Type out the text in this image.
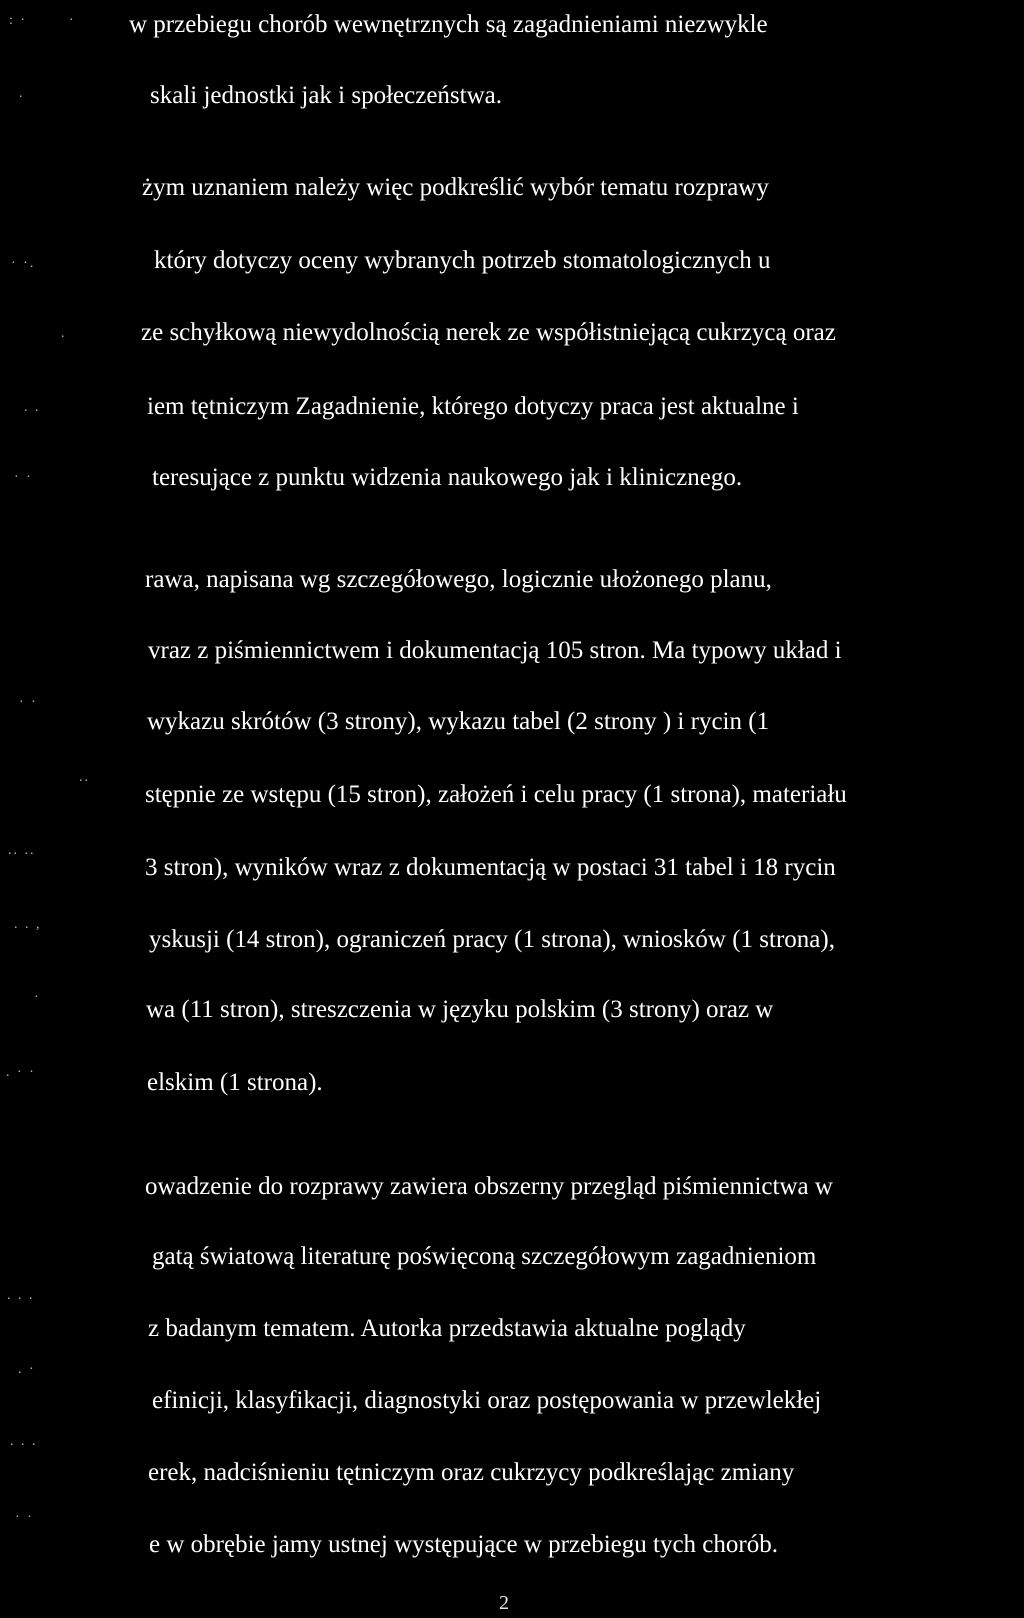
: ·	·
.
· ·.
.
. .
· ·
· ·
..
.. ..
. . ,
·
. · ·
. . .
. ·
. . .
· ·

w przebiegu chorób wewnętrznych są zagadnieniami niezwykle

skali jednostki jak i społeczeństwa.

żym uznaniem należy więc podkreślić wybór tematu rozprawy

który dotyczy oceny wybranych potrzeb stomatologicznych u

ze schyłkową niewydolnością nerek ze współistniejącą cukrzycą oraz

iem tętniczym Zagadnienie, którego dotyczy praca jest aktualne i

teresujące z punktu widzenia naukowego jak i klinicznego.

rawa, napisana wg szczegółowego, logicznie ułożonego planu,

vraz z piśmiennictwem i dokumentacją 105 stron. Ma typowy układ i

wykazu skrótów (3 strony), wykazu tabel (2 strony ) i rycin (1

stępnie ze wstępu (15 stron), założeń i celu pracy (1 strona), materiału

3 stron), wyników wraz z dokumentacją w postaci 31 tabel i 18 rycin

yskusji (14 stron), ograniczeń pracy (1 strona), wniosków (1 strona),

wa (11 stron), streszczenia w języku polskim (3 strony) oraz w

elskim (1 strona).

owadzenie do rozprawy zawiera obszerny przegląd piśmiennictwa w

gatą światową literaturę poświęconą szczegółowym zagadnieniom

z badanym tematem. Autorka przedstawia aktualne poglądy

efinicji, klasyfikacji, diagnostyki oraz postępowania w przewlekłej

erek, nadciśnieniu tętniczym oraz cukrzycy podkreślając zmiany

e w obrębie jamy ustnej występujące w przebiegu tych chorób.

2
